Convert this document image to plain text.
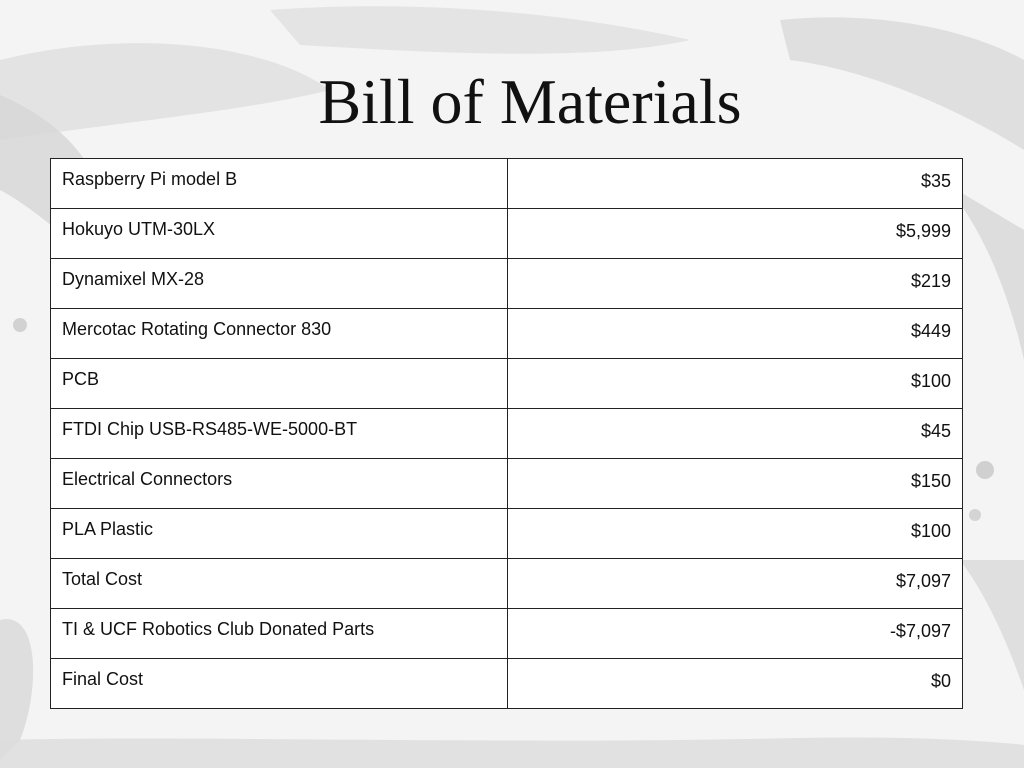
Bill of Materials
Raspberry Pi model B	$35
Hokuyo UTM-30LX	$5,999
Dynamixel MX-28	$219
Mercotac Rotating Connector 830	$449
PCB	$100
FTDI Chip USB-RS485-WE-5000-BT	$45
Electrical Connectors	$150
PLA Plastic	$100
Total Cost	$7,097
TI & UCF Robotics Club Donated Parts	-$7,097
Final Cost	$0
